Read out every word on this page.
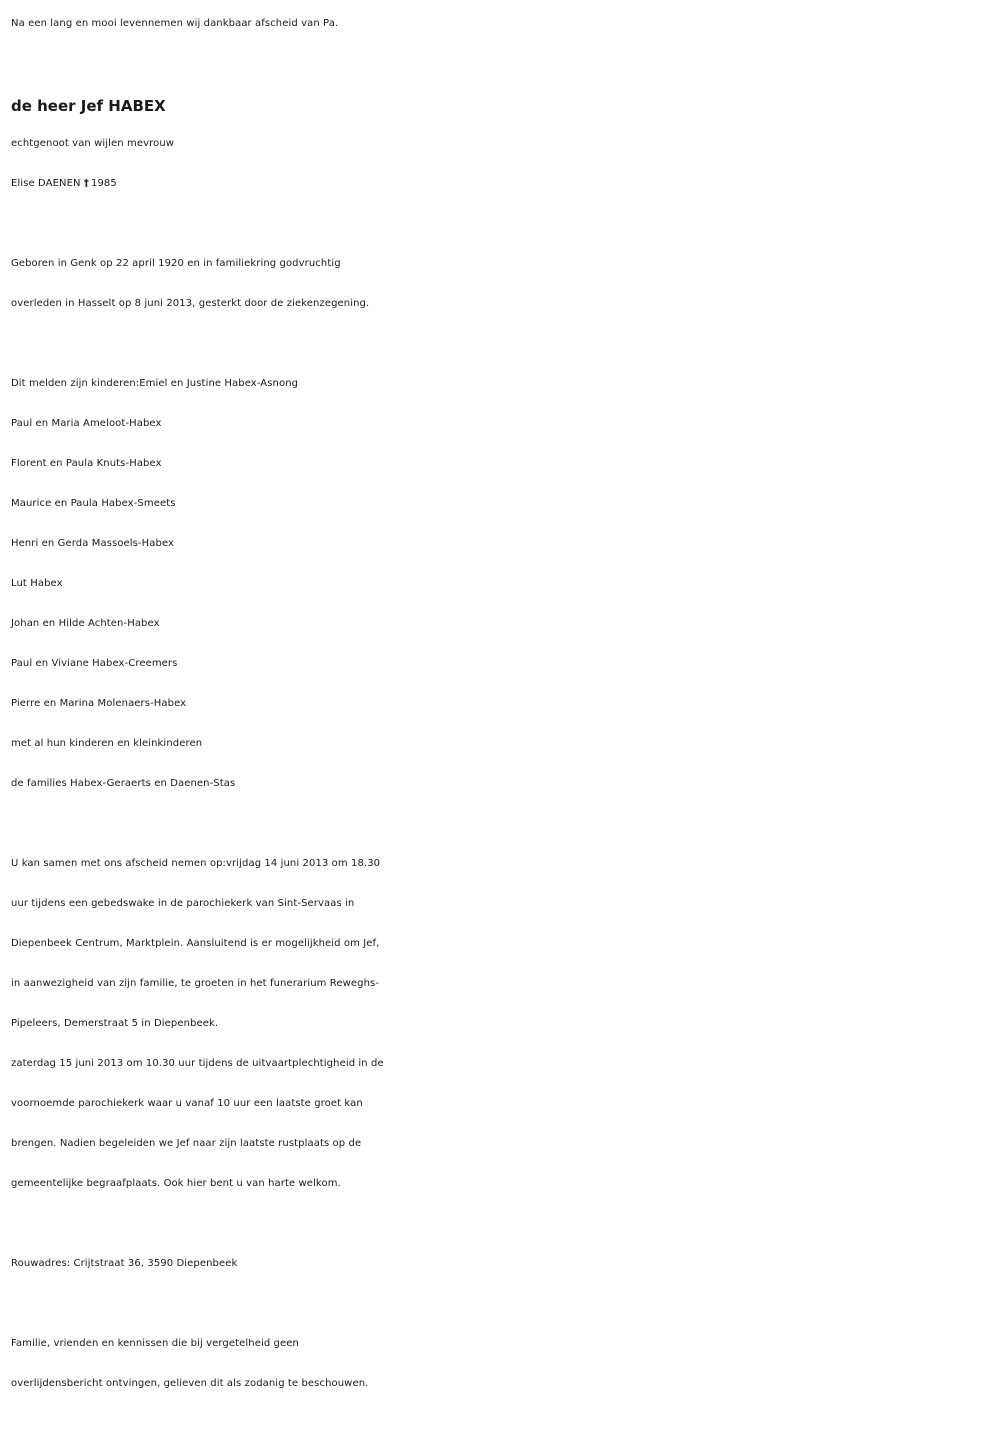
Na een lang en mooi levennemen wij dankbaar afscheid van Pa.
de heer Jef HABEX
echtgenoot van wijlen mevrouw
Elise DAENEN † 1985
Geboren in Genk op 22 april 1920 en in familiekring godvruchtig
overleden in Hasselt op 8 juni 2013, gesterkt door de ziekenzegening.
Dit melden zijn kinderen:Emiel en Justine Habex-Asnong
Paul en Maria Ameloot-Habex
Florent en Paula Knuts-Habex
Maurice en Paula Habex-Smeets
Henri en Gerda Massoels-Habex
Lut Habex
Johan en Hilde Achten-Habex
Paul en Viviane Habex-Creemers
Pierre en Marina Molenaers-Habex
met al hun kinderen en kleinkinderen
de families Habex-Geraerts en Daenen-Stas
U kan samen met ons afscheid nemen op:vrijdag 14 juni 2013 om 18.30
uur tijdens een gebedswake in de parochiekerk van Sint-Servaas in
Diepenbeek Centrum, Marktplein. Aansluitend is er mogelijkheid om Jef,
in aanwezigheid van zijn familie, te groeten in het funerarium Reweghs-
Pipeleers, Demerstraat 5 in Diepenbeek.
zaterdag 15 juni 2013 om 10.30 uur tijdens de uitvaartplechtigheid in de
voornoemde parochiekerk waar u vanaf 10 uur een laatste groet kan
brengen. Nadien begeleiden we Jef naar zijn laatste rustplaats op de
gemeentelijke begraafplaats. Ook hier bent u van harte welkom.
Rouwadres: Crijtstraat 36, 3590 Diepenbeek
Familie, vrienden en kennissen die bij vergetelheid geen
overlijdensbericht ontvingen, gelieven dit als zodanig te beschouwen.
